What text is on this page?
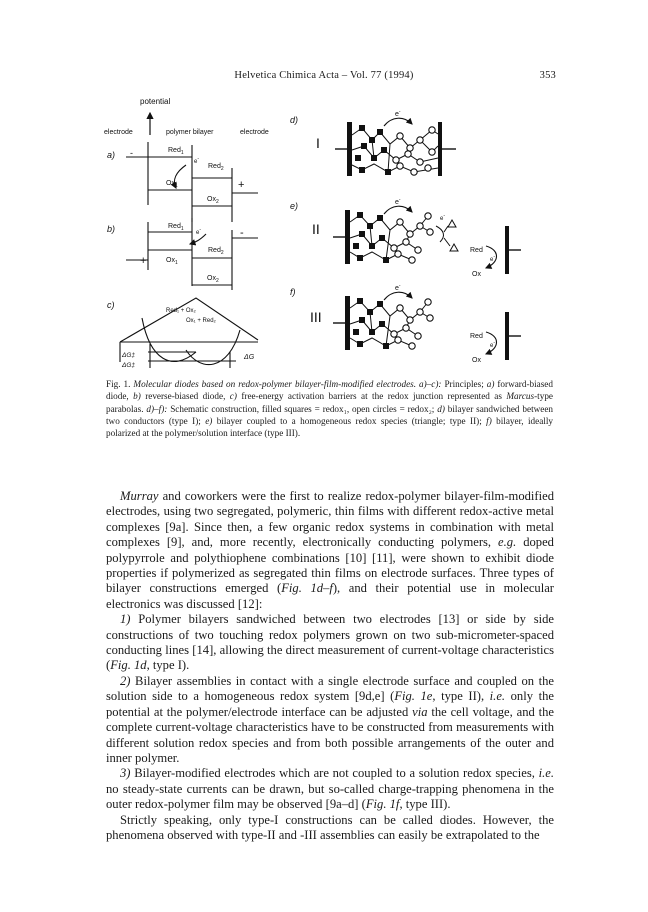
Helvetica Chimica Acta – Vol. 77 (1994)	353
potential
electrode	polymer bilayer	electrode
a) -	Red$_1$
e-
Red$_2$
$Ox_1$
$Ox_2$
+
b)	Red$_1$
e-
Red$_2$
$Ox_1$
$Ox_2$
+
-
c)
Red₁ + Ox₂
Ox₁ + Red₂
ΔG‡
ΔG‡
ΔG
d)
e)
f)
I
II
III
e-
e-
e-
Red
e-
Ox
e-
Red
e-
Ox
Fig. 1. Molecular diodes based on redox-polymer bilayer-film-modified electrodes. a)–c): Principles; a) forward-biased diode, b) reverse-biased diode, c) free-energy activation barriers at the redox junction represented as Marcus-type parabolas. d)–f): Schematic construction, filled squares = redox₁, open circles = redox₂; d) bilayer sandwiched between two conductors (type I); e) bilayer coupled to a homogeneous redox species (triangle; type II); f) bilayer, ideally polarized at the polymer/solution interface (type III).

Murray and coworkers were the first to realize redox-polymer bilayer-film-modified electrodes, using two segregated, polymeric, thin films with different redox-active metal complexes [9a]. Since then, a few organic redox systems in combination with metal complexes [9], and, more recently, electronically conducting polymers, e.g. doped polypyrrole and polythiophene combinations [10] [11], were shown to exhibit diode properties if polymerized as segregated thin films on electrode surfaces. Three types of bilayer constructions emerged (Fig. 1d–f), and their potential use in molecular electronics was discussed [12]:

1) Polymer bilayers sandwiched between two electrodes [13] or side by side constructions of two touching redox polymers grown on two sub-micrometer-spaced conducting lines [14], allowing the direct measurement of current-voltage characteristics (Fig. 1d, type I).

2) Bilayer assemblies in contact with a single electrode surface and coupled on the solution side to a homogeneous redox system [9d,e] (Fig. 1e, type II), i.e. only the potential at the polymer/electrode interface can be adjusted via the cell voltage, and the complete current-voltage characteristics have to be constructed from measurements with different solution redox species and from both possible arrangements of the outer and inner polymer.

3) Bilayer-modified electrodes which are not coupled to a solution redox species, i.e. no steady-state currents can be drawn, but so-called charge-trapping phenomena in the outer redox-polymer film may be observed [9a–d] (Fig. 1f, type III).

Strictly speaking, only type-I constructions can be called diodes. However, the phenomena observed with type-II and -III assemblies can easily be extrapolated to the
